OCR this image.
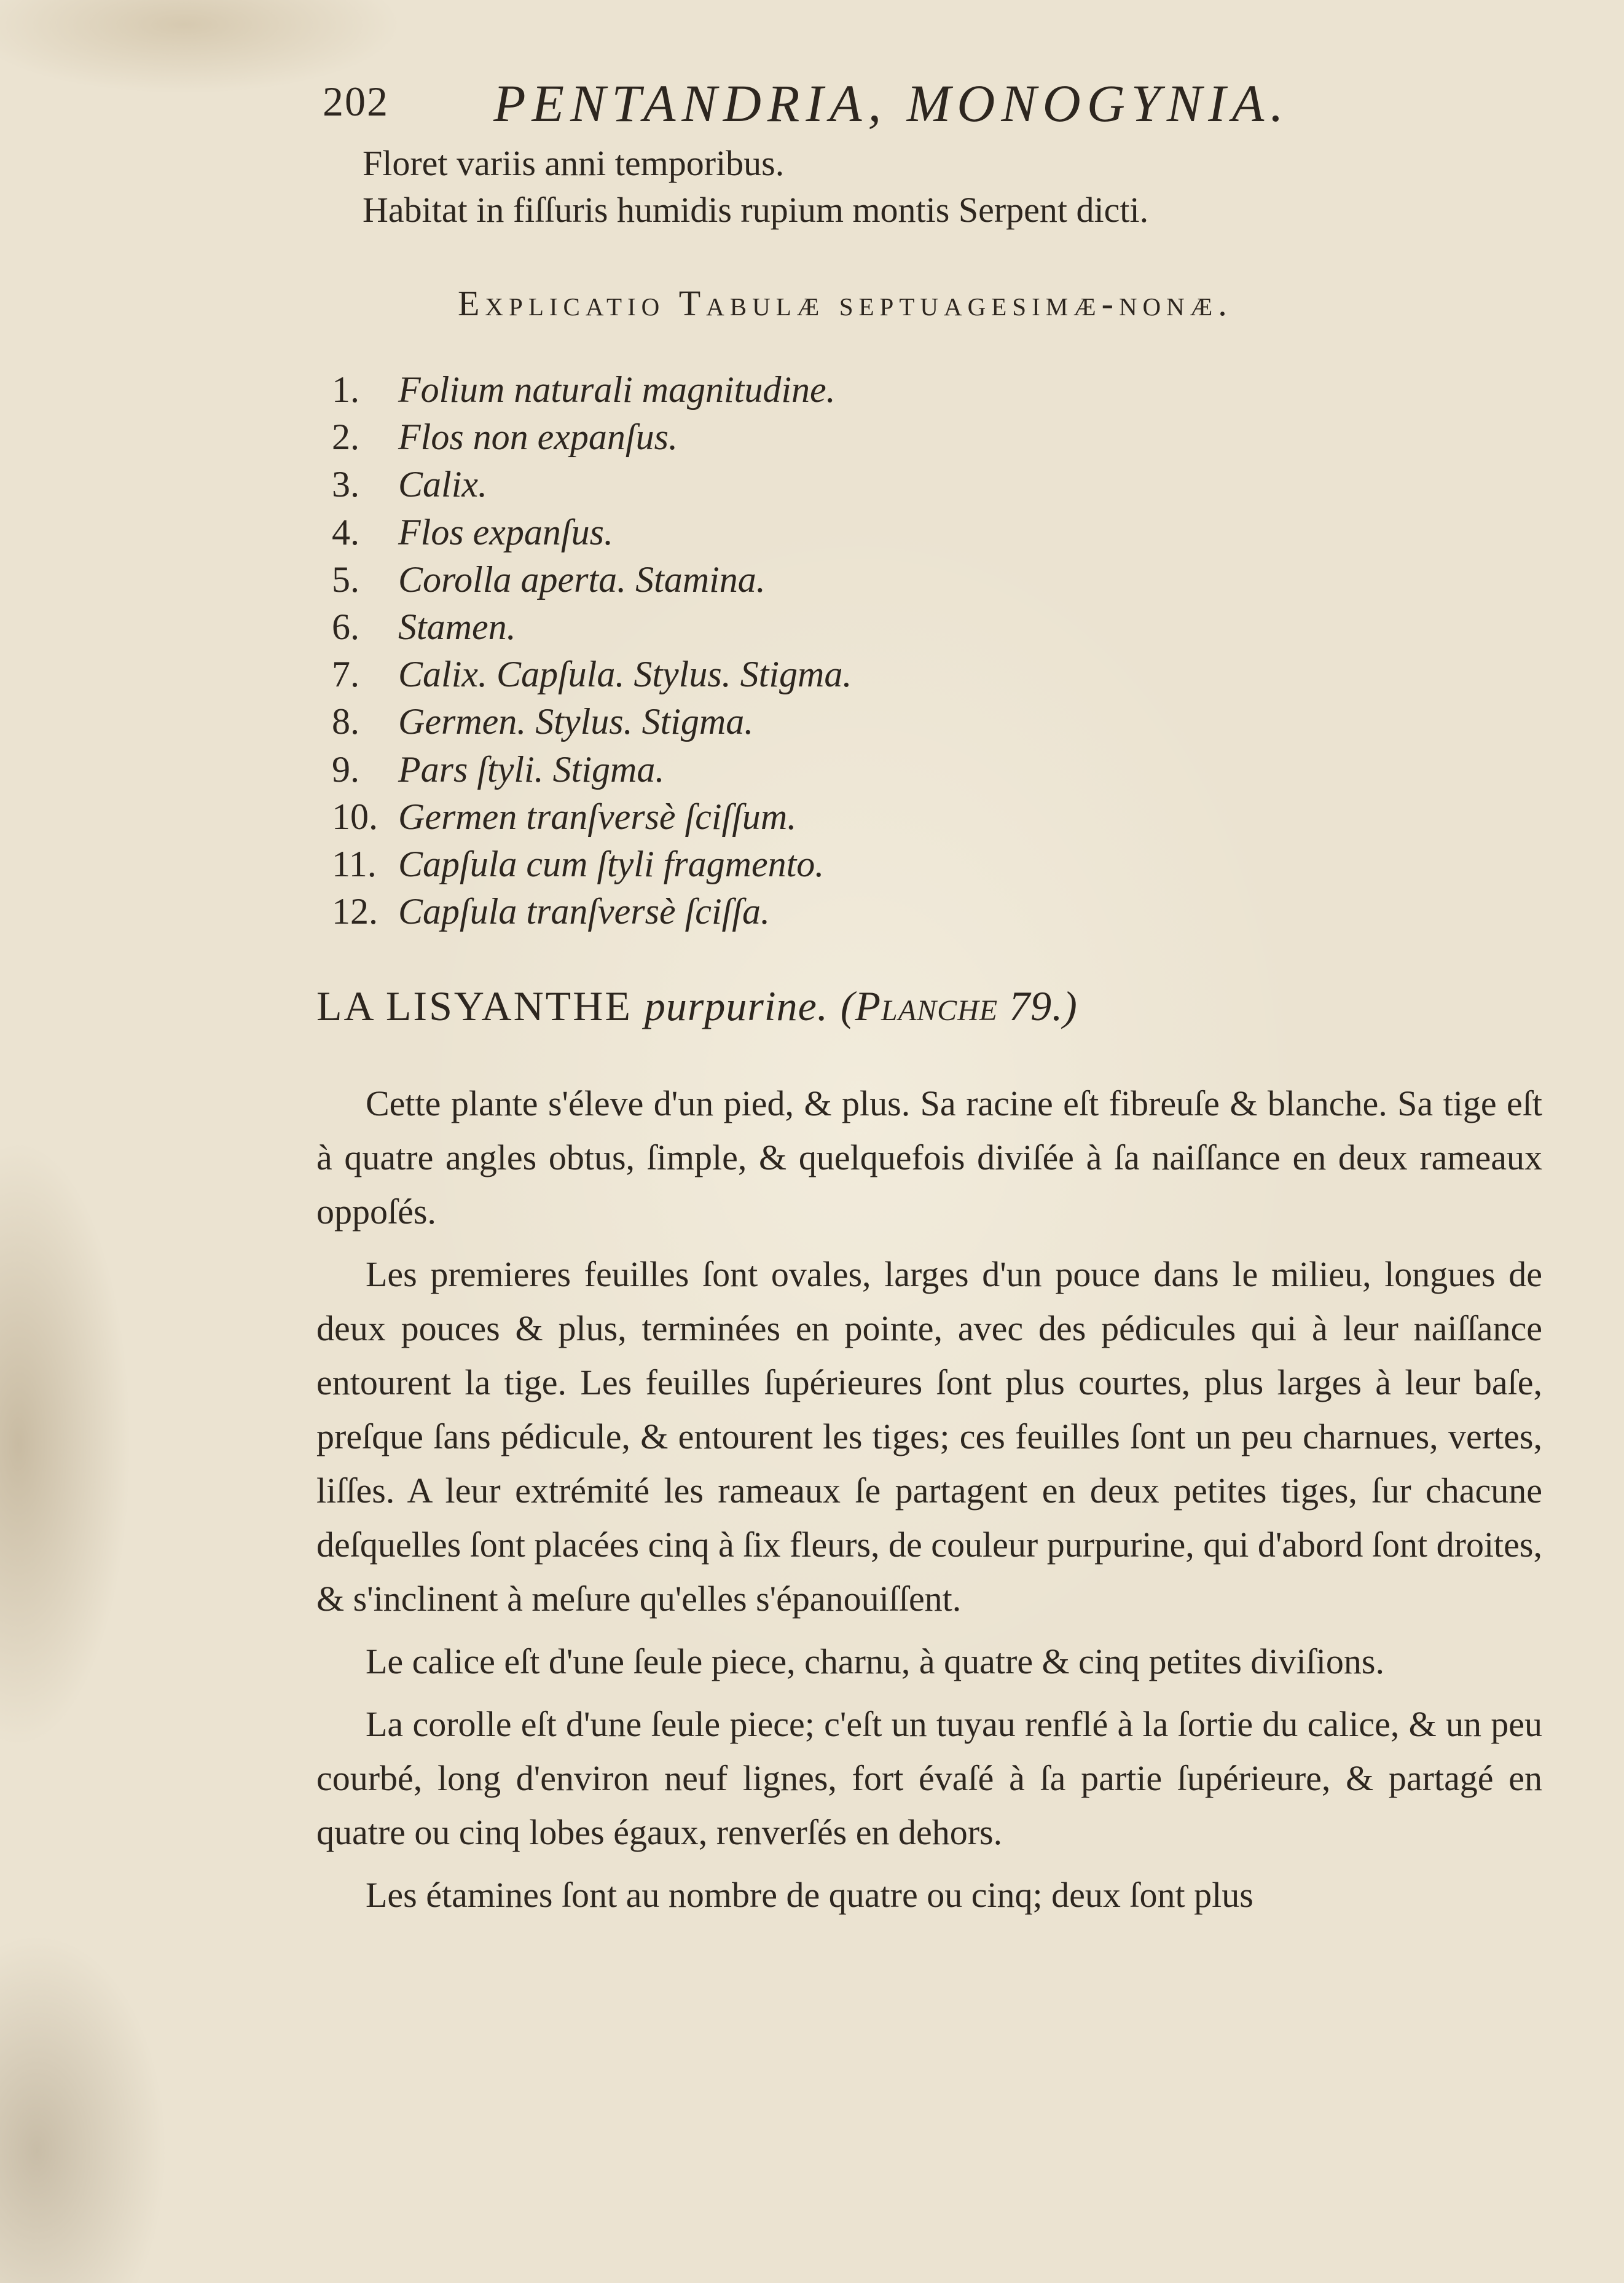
202 PENTANDRIA, MONOGYNIA.

Floret variis anni temporibus.

Habitat in fiſſuris humidis rupium montis Serpent dicti.

Explicatio Tabulæ septuagesimæ-nonæ.
1. Folium naturali magnitudine.
2. Flos non expanſus.
3. Calix.
4. Flos expanſus.
5. Corolla aperta. Stamina.
6. Stamen.
7. Calix. Capſula. Stylus. Stigma.
8. Germen. Stylus. Stigma.
9. Pars ſtyli. Stigma.
10. Germen tranſversè ſciſſum.
11. Capſula cum ſtyli fragmento.
12. Capſula tranſversè ſciſſa.
LA LISYANTHE purpurine. (Planche 79.)

Cette plante s'éleve d'un pied, & plus. Sa racine eſt fibreuſe & blanche. Sa tige eſt à quatre angles obtus, ſimple, & quelquefois diviſée à ſa naiſſance en deux rameaux oppoſés.

Les premieres feuilles ſont ovales, larges d'un pouce dans le milieu, longues de deux pouces & plus, terminées en pointe, avec des pédicules qui à leur naiſſance entourent la tige. Les feuilles ſupérieures ſont plus courtes, plus larges à leur baſe, preſque ſans pédicule, & entourent les tiges; ces feuilles ſont un peu charnues, vertes, liſſes. A leur extrémité les rameaux ſe partagent en deux petites tiges, ſur chacune deſquelles ſont placées cinq à ſix fleurs, de couleur purpurine, qui d'abord ſont droites, & s'inclinent à meſure qu'elles s'épanouiſſent.

Le calice eſt d'une ſeule piece, charnu, à quatre & cinq petites diviſions.

La corolle eſt d'une ſeule piece; c'eſt un tuyau renflé à la ſortie du calice, & un peu courbé, long d'environ neuf lignes, fort évaſé à ſa partie ſupérieure, & partagé en quatre ou cinq lobes égaux, renverſés en dehors.

Les étamines ſont au nombre de quatre ou cinq; deux ſont plus
